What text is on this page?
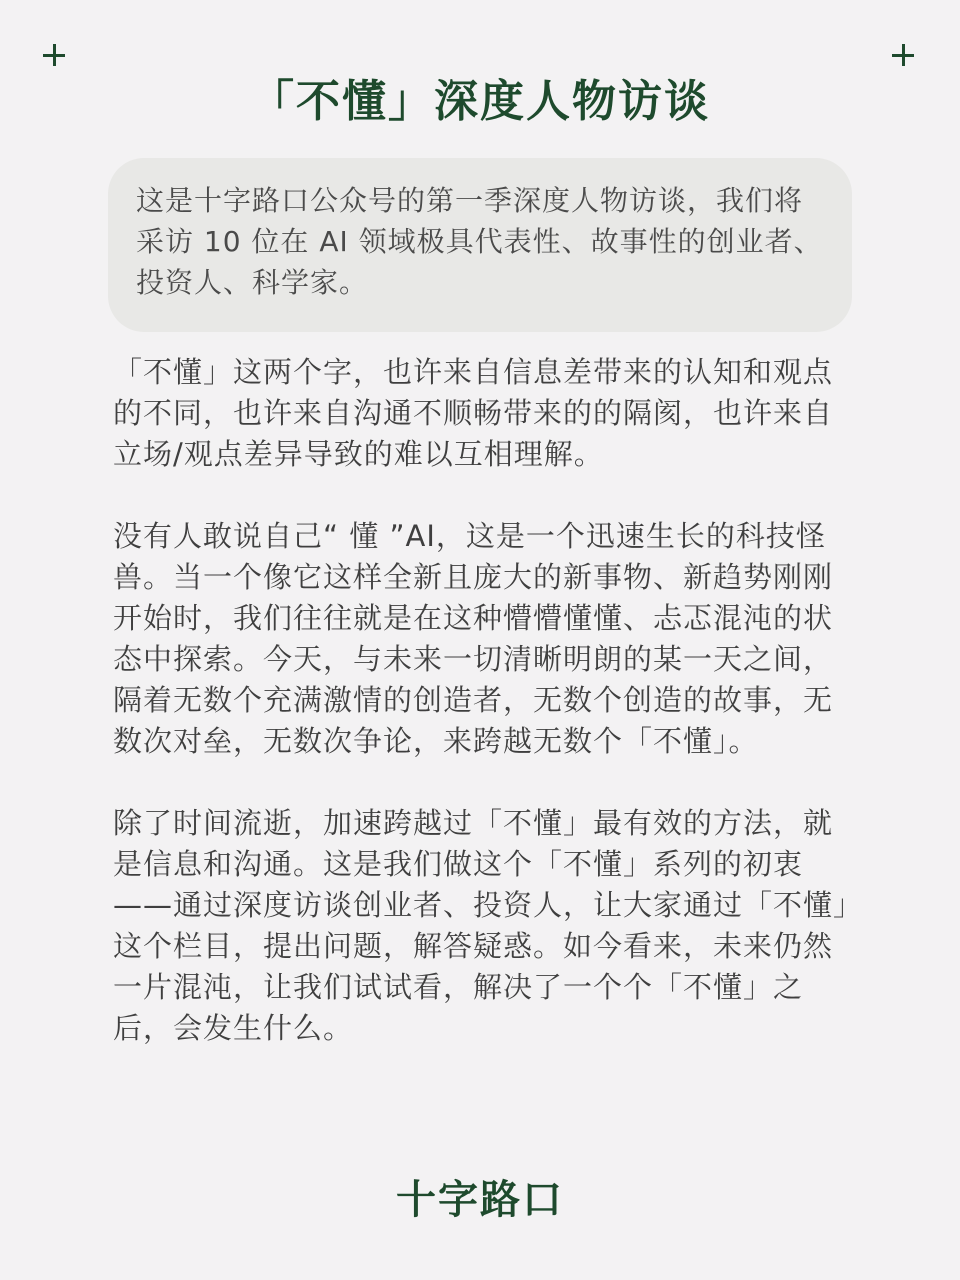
「不懂」深度人物访谈

这是十字路口公众号的第一季深度人物访谈，我们将采访 10 位在 AI 领域极具代表性、故事性的创业者、投资人、科学家。

「不懂」这两个字，也许来自信息差带来的认知和观点的不同，也许来自沟通不顺畅带来的的隔阂，也许来自立场/观点差异导致的难以互相理解。

没有人敢说自己“ 懂 ”AI，这是一个迅速生长的科技怪兽。当一个像它这样全新且庞大的新事物、新趋势刚刚开始时，我们往往就是在这种懵懵懂懂、忐忑混沌的状态中探索。今天，与未来一切清晰明朗的某一天之间，隔着无数个充满激情的创造者，无数个创造的故事，无数次对垒，无数次争论，来跨越无数个「不懂」。

除了时间流逝，加速跨越过「不懂」最有效的方法，就是信息和沟通。这是我们做这个「不懂」系列的初衷——通过深度访谈创业者、投资人，让大家通过「不懂」这个栏目，提出问题，解答疑惑。如今看来，未来仍然一片混沌，让我们试试看，解决了一个个「不懂」之后，会发生什么。

十字路口
